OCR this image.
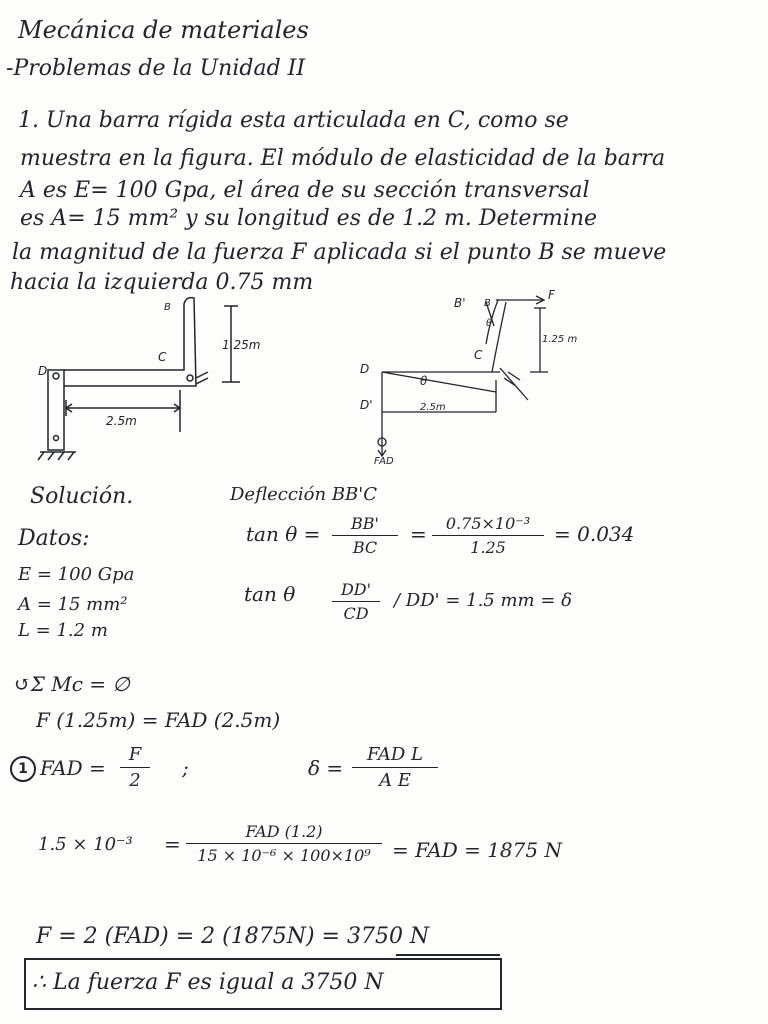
Mecánica de materiales
-Problemas de la Unidad II
1. Una barra rígida esta articulada en C, como se
muestra en la figura. El módulo de elasticidad de la barra
A es E= 100 Gpa, el área de su sección transversal
es A= 15 mm² y su longitud es de 1.2 m. Determine
la magnitud de la fuerza F aplicada si el punto B se mueve
hacia la izquierda 0.75 mm
B
C
D
1.25m
2.5m
B' B
F
θ
1.25 m
C
D
D'
θ
2.5m
FAD
Solución.	Deflección BB'C
Datos:
E = 100 Gpa
A = 15 mm²
L = 1.2 m
tan θ =	BB'
BC
=	0.75×10⁻³
1.25
= 0.034
tan θ	DD'
CD
/ DD' = 1.5 mm = δ
↺Σ Mc = ∅
F (1.25m) = FAD (2.5m)
1 FAD =
F
2
;	δ =
FAD L
A E
1.5 × 10⁻³ =
FAD (1.2)
15 × 10⁻⁶ × 100×10⁹	= FAD = 1875 N
F = 2 (FAD) = 2 (1875N) = 3750 N
∴ La fuerza F es igual a 3750 N
